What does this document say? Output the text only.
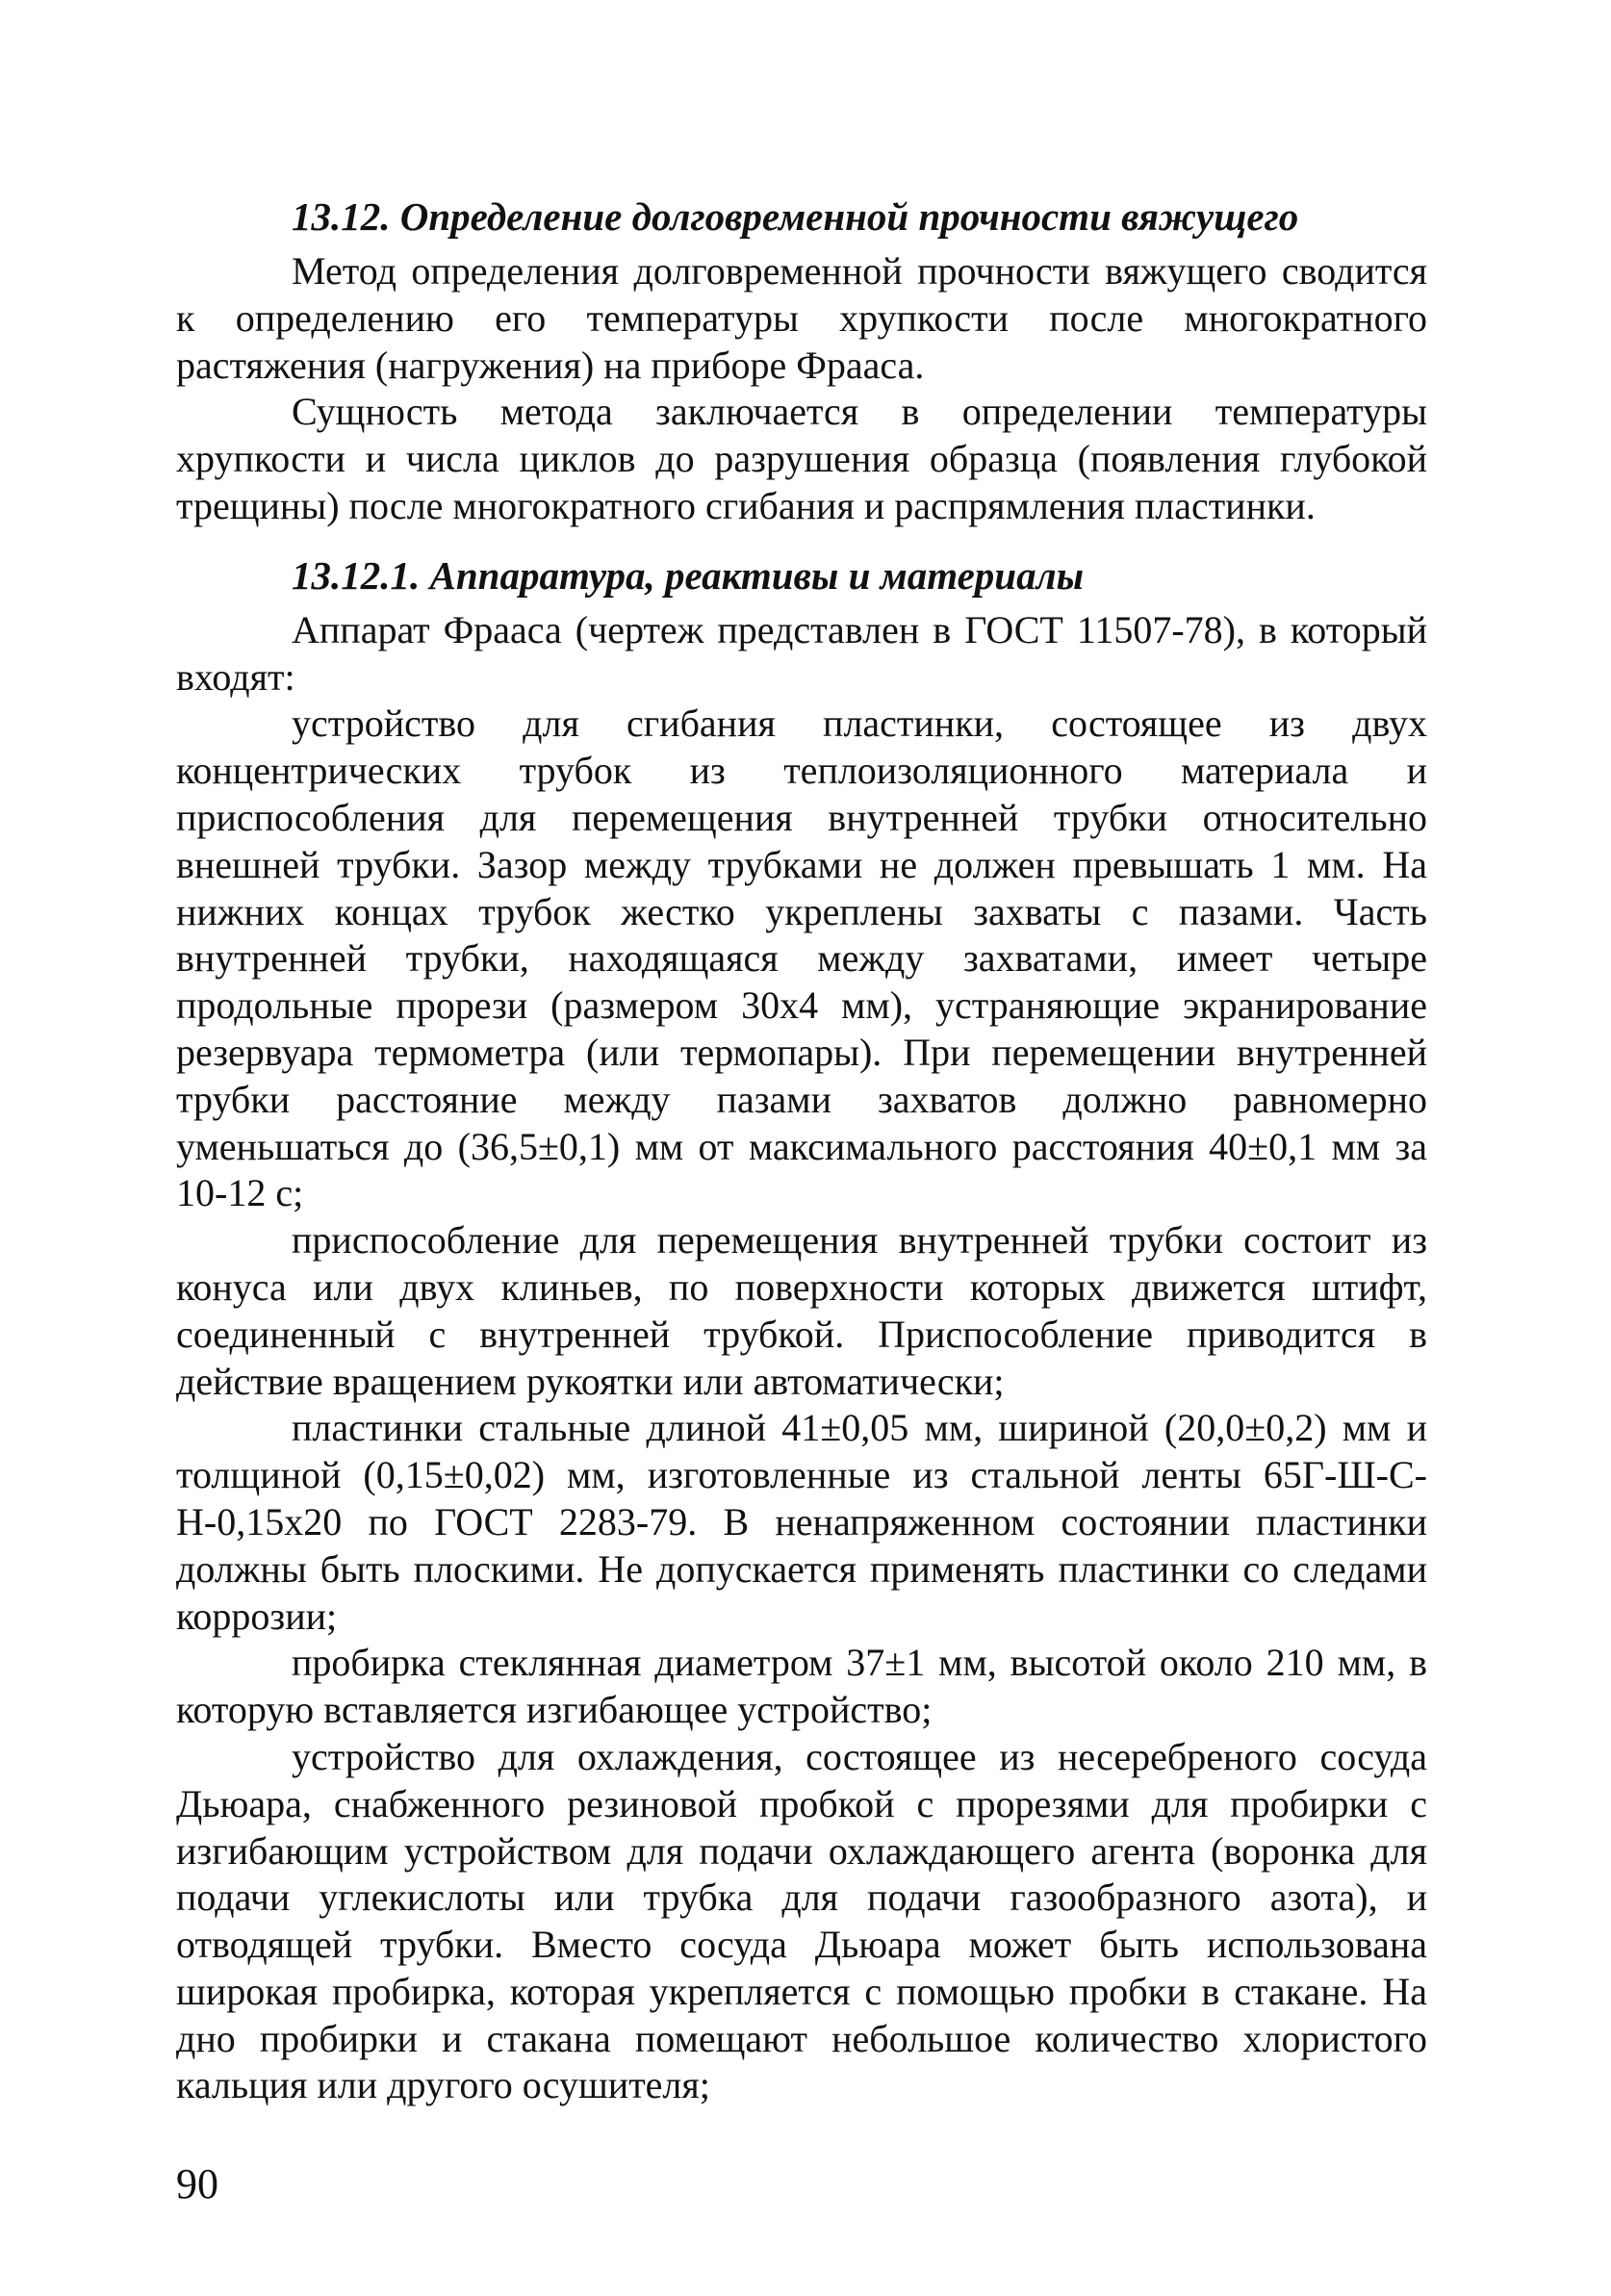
13.12. Определение долговременной прочности вяжущего

Метод определения долговременной прочности вяжущего сводится к определению его температуры хрупкости после многократного растяжения (нагружения) на приборе Фрааса.

Сущность метода заключается в определении температуры хрупкости и числа циклов до разрушения образца (появления глубокой трещины) после многократного сгибания и распрямления пластинки.

13.12.1. Аппаратура, реактивы и материалы

Аппарат Фрааса (чертеж представлен в ГОСТ 11507-78), в который входят:

устройство для сгибания пластинки, состоящее из двух концентрических трубок из теплоизоляционного материала и приспособления для перемещения внутренней трубки относительно внешней трубки. Зазор между трубками не должен превышать 1 мм. На нижних концах трубок жестко укреплены захваты с пазами. Часть внутренней трубки, находящаяся между захватами, имеет четыре продольные прорези (размером 30x4 мм), устраняющие экранирование резервуара термометра (или термопары). При перемещении внутренней трубки расстояние между пазами захватов должно равномерно уменьшаться до (36,5±0,1) мм от максимального расстояния 40±0,1 мм за 10-12 с;

приспособление для перемещения внутренней трубки состоит из конуса или двух клиньев, по поверхности которых движется штифт, соединенный с внутренней трубкой. Приспособление приводится в действие вращением рукоятки или автоматически;

пластинки стальные длиной 41±0,05 мм, шириной (20,0±0,2) мм и толщиной (0,15±0,02) мм, изготовленные из стальной ленты 65Г-Ш-С-Н-0,15x20 по ГОСТ 2283-79. В ненапряженном состоянии пластинки должны быть плоскими. Не допускается применять пластинки со следами коррозии;

пробирка стеклянная диаметром 37±1 мм, высотой около 210 мм, в которую вставляется изгибающее устройство;

устройство для охлаждения, состоящее из несеребреного сосуда Дьюара, снабженного резиновой пробкой с прорезями для пробирки с изгибающим устройством для подачи охлаждающего агента (воронка для подачи углекислоты или трубка для подачи газообразного азота), и отводящей трубки. Вместо сосуда Дьюара может быть использована широкая пробирка, которая укрепляется с помощью пробки в стакане. На дно пробирки и стакана помещают небольшое количество хлористого кальция или другого осушителя;

90
